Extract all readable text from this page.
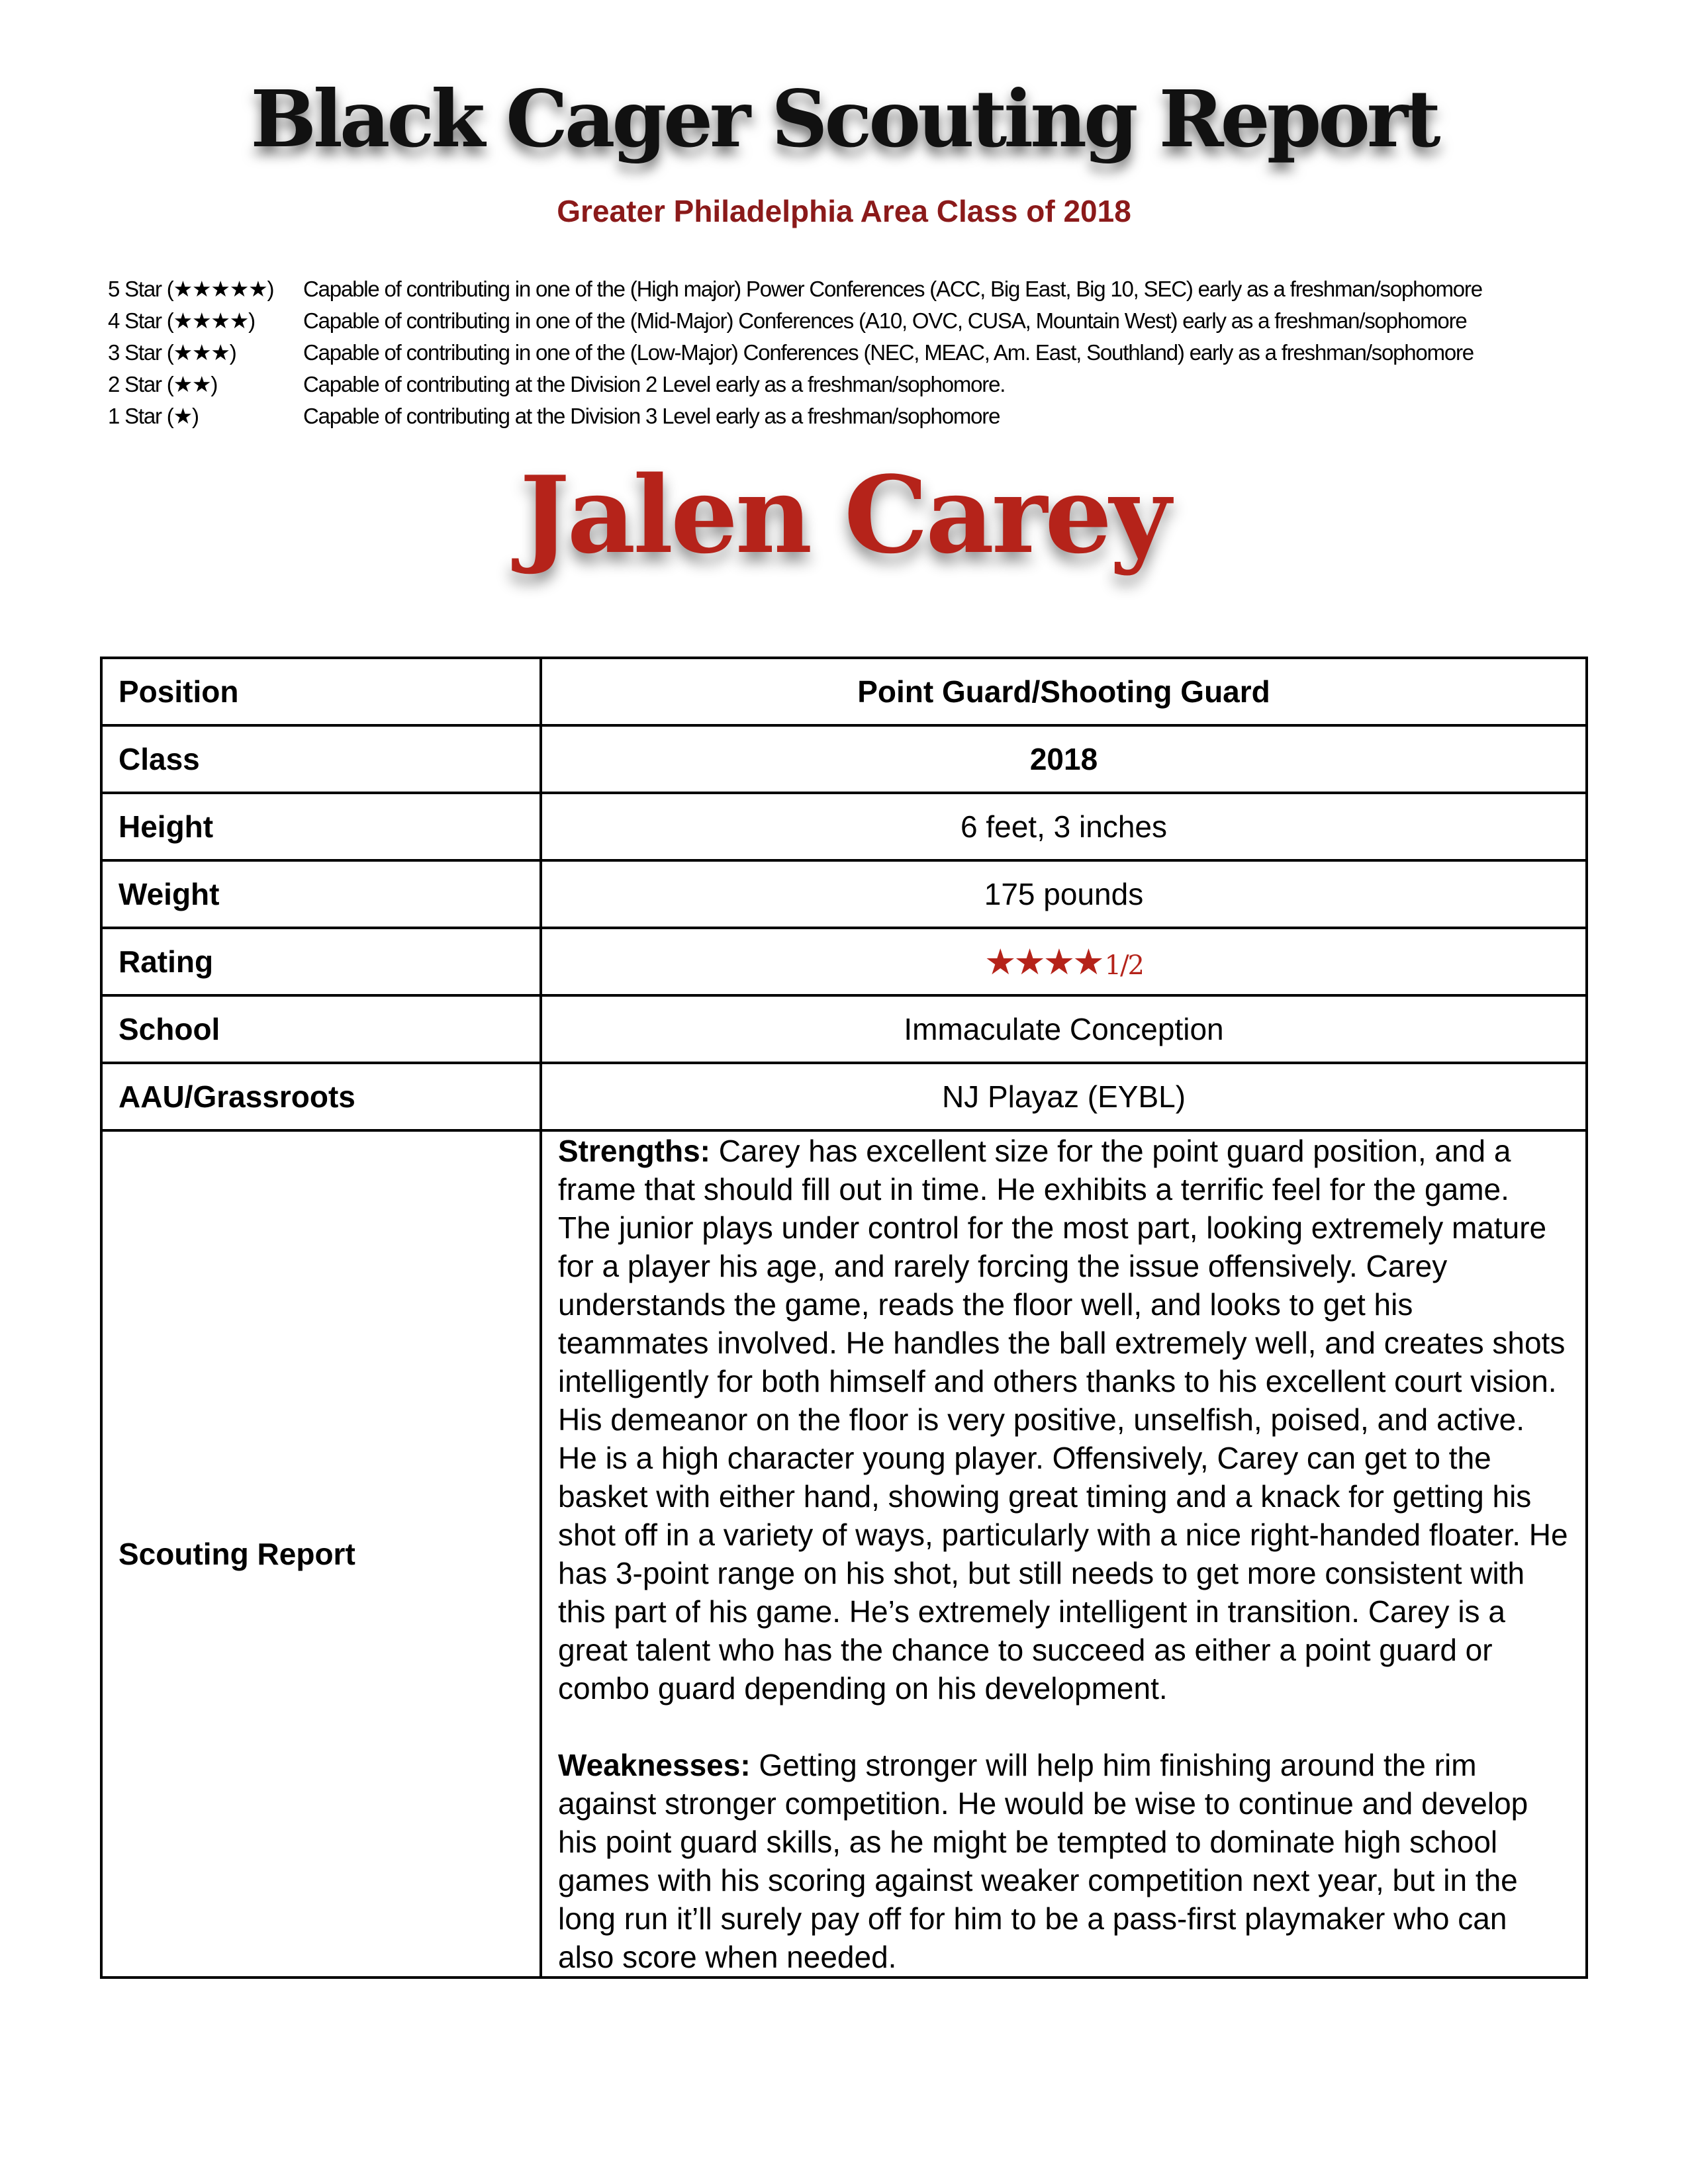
Black Cager Scouting Report

Greater Philadelphia Area Class of 2018

5 Star (★★★★★)	Capable of contributing in one of the (High major) Power Conferences (ACC, Big East, Big 10, SEC) early as a freshman/sophomore
4 Star (★★★★)	Capable of contributing in one of the (Mid-Major) Conferences (A10, OVC, CUSA, Mountain West) early as a freshman/sophomore
3 Star (★★★)	Capable of contributing in one of the (Low-Major) Conferences (NEC, MEAC, Am. East, Southland) early as a freshman/sophomore
2 Star (★★)	Capable of contributing at the Division 2 Level early as a freshman/sophomore.
1 Star (★)	Capable of contributing at the Division 3 Level early as a freshman/sophomore
Jalen Carey
Position	Point Guard/Shooting Guard
Class	2018
Height	6 feet, 3 inches
Weight	175 pounds
Rating	★★★★ 1/2
School	Immaculate Conception
AAU/Grassroots	NJ Playaz (EYBL)
Scouting Report	Strengths: Carey has excellent size for the point guard position, and a frame that should fill out in time. He exhibits a terrific feel for the game. The junior plays under control for the most part, looking extremely mature for a player his age, and rarely forcing the issue offensively. Carey understands the game, reads the floor well, and looks to get his teammates involved. He handles the ball extremely well, and creates shots intelligently for both himself and others thanks to his excellent court vision. His demeanor on the floor is very positive, unselfish, poised, and active. He is a high character young player. Offensively, Carey can get to the basket with either hand, showing great timing and a knack for getting his shot off in a variety of ways, particularly with a nice right-handed floater. He has 3-point range on his shot, but still needs to get more consistent with this part of his game. He’s extremely intelligent in transition. Carey is a great talent who has the chance to succeed as either a point guard or combo guard depending on his development.

Weaknesses: Getting stronger will help him finishing around the rim against stronger competition. He would be wise to continue and develop his point guard skills, as he might be tempted to dominate high school games with his scoring against weaker competition next year, but in the long run it’ll surely pay off for him to be a pass-first playmaker who can also score when needed.
